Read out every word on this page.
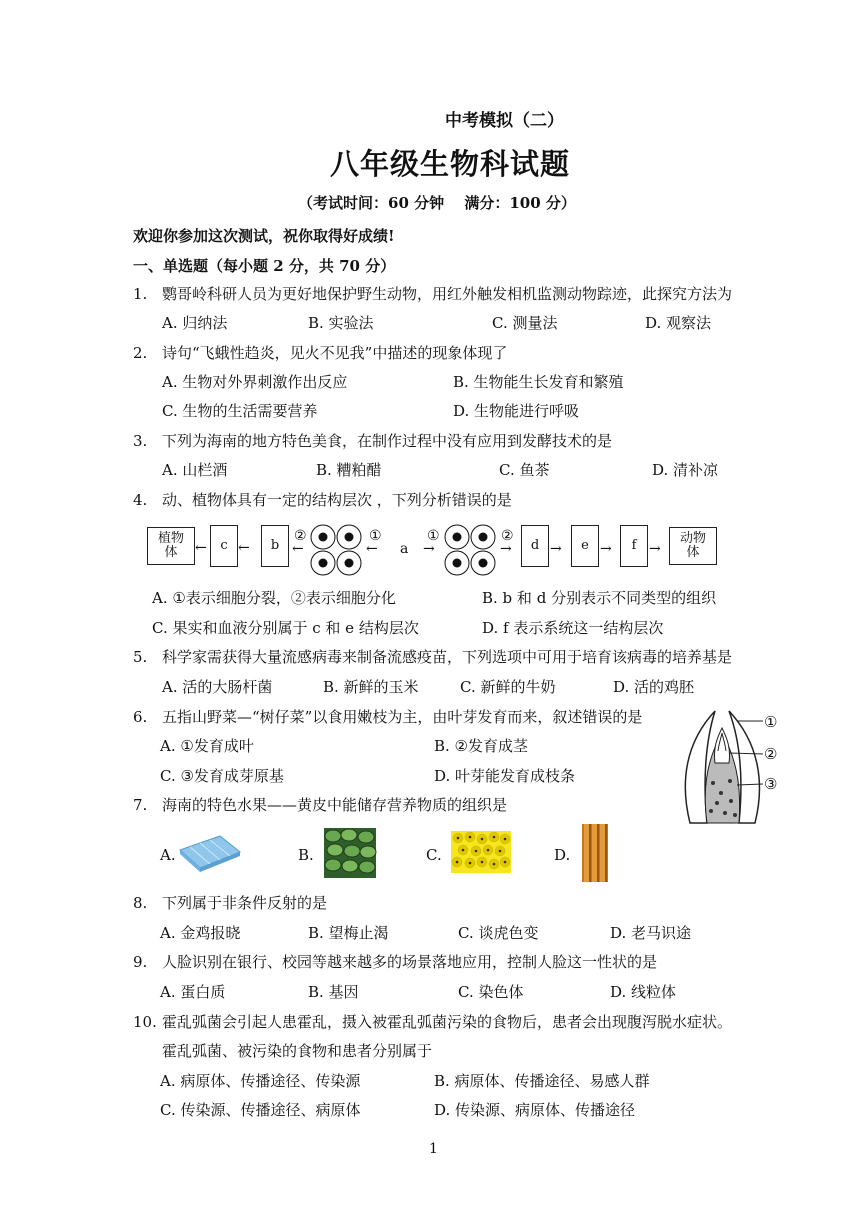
中考模拟（二）
八年级生物科试题
（考试时间：60 分钟　 满分：100 分）
欢迎你参加这次测试，祝你取得好成绩!
一、单选题（每小题 2 分，共 70 分）
1. 鹦哥岭科研人员为更好地保护野生动物，用红外触发相机监测动物踪迹，此探究方法为
A. 归纳法	B. 实验法	C. 测量法	D. 观察法
2. 诗句“飞蛾性趋炎，见火不见我”中描述的现象体现了
A. 生物对外界刺激作出反应	B. 生物能生长发育和繁殖
C. 生物的生活需要营养	D. 生物能进行呼吸
3. 下列为海南的地方特色美食，在制作过程中没有应用到发酵技术的是
A. 山栏酒	B. 糟粕醋	C. 鱼茶	D. 清补凉
4. 动、植物体具有一定的结构层次 ，下列分析错误的是
植物体	← c ← b
②
←
①
← a
①
→
②
→ d → e → f →
动物体
A. ①表示细胞分裂，②表示细胞分化	B. b 和 d 分别表示不同类型的组织
C. 果实和血液分别属于 c 和 e 结构层次	D. f 表示系统这一结构层次
5. 科学家需获得大量流感病毒来制备流感疫苗，下列选项中可用于培育该病毒的培养基是
A. 活的大肠杆菌	B. 新鲜的玉米	C. 新鲜的牛奶	D. 活的鸡胚
6. 五指山野菜—“树仔菜”以食用嫩枝为主，由叶芽发育而来，叙述错误的是
A. ①发育成叶	B. ②发育成茎
C. ③发育成芽原基	D. 叶芽能发育成枝条
①
②
③
7. 海南的特色水果——黄皮中能储存营养物质的组织是
A.	B.	C.	D.
8. 下列属于非条件反射的是
A. 金鸡报晓	B. 望梅止渴	C. 谈虎色变	D. 老马识途
9. 人脸识别在银行、校园等越来越多的场景落地应用，控制人脸这一性状的是
A. 蛋白质	B. 基因	C. 染色体	D. 线粒体
10. 霍乱弧菌会引起人患霍乱，摄入被霍乱弧菌污染的食物后，患者会出现腹泻脱水症状。
霍乱弧菌、被污染的食物和患者分别属于
A. 病原体、传播途径、传染源	B. 病原体、传播途径、易感人群
C. 传染源、传播途径、病原体	D. 传染源、病原体、传播途径
1
